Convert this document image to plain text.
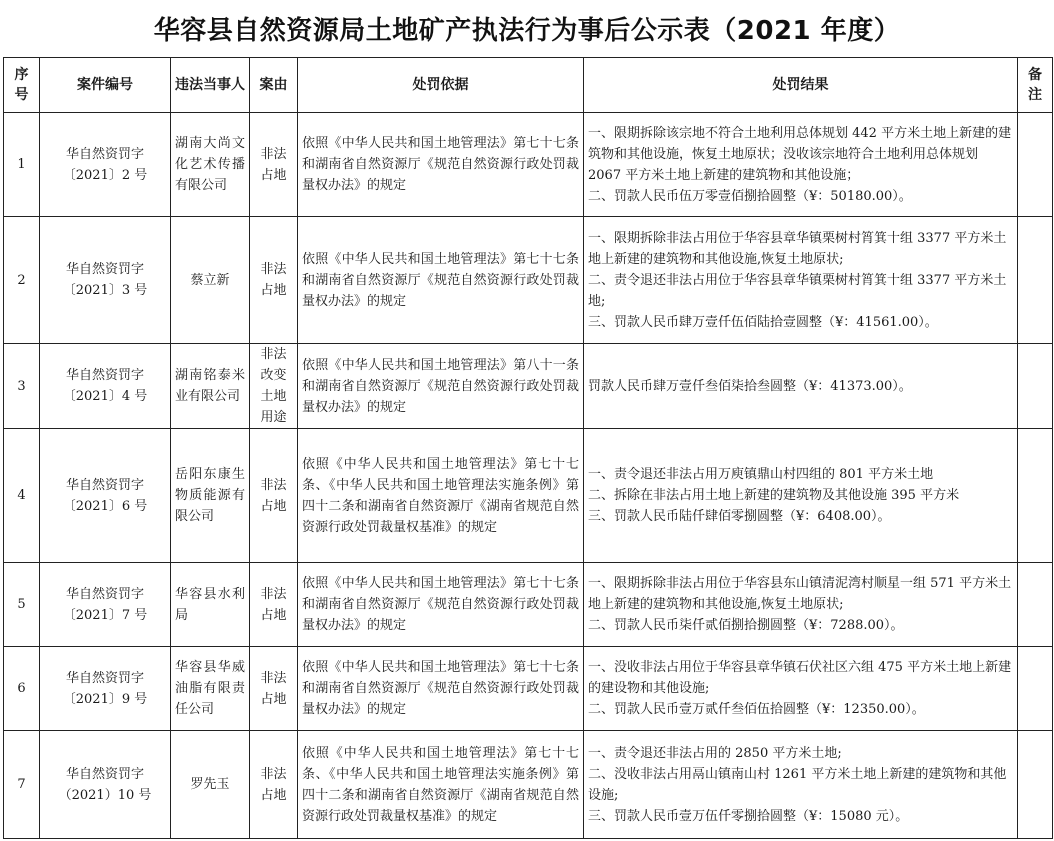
华容县自然资源局土地矿产执法行为事后公示表（2021 年度）
序号	案件编号	违法当事人	案由	处罚依据	处罚结果	备注
1	华自然资罚字〔2021〕2 号	湖南大尚文化艺术传播有限公司	非法占地	依照《中华人民共和国土地管理法》第七十七条和湖南省自然资源厅《规范自然资源行政处罚裁量权办法》的规定	一、限期拆除该宗地不符合土地利用总体规划 442 平方米土地上新建的建筑物和其他设施，恢复土地原状；没收该宗地符合土地利用总体规划 2067 平方米土地上新建的建筑物和其他设施；
二、罚款人民币伍万零壹佰捌拾圆整（¥：50180.00）。	

2	华自然资罚字〔2021〕3 号	蔡立新	非法占地	依照《中华人民共和国土地管理法》第七十七条和湖南省自然资源厅《规范自然资源行政处罚裁量权办法》的规定	一、限期拆除非法占用位于华容县章华镇栗树村筲箕十组 3377 平方米土地上新建的建筑物和其他设施,恢复土地原状;
二、责令退还非法占用位于华容县章华镇栗树村筲箕十组 3377 平方米土地;
三、罚款人民币肆万壹仟伍佰陆拾壹圆整（¥：41561.00）。	

3	华自然资罚字〔2021〕4 号	湖南铭泰米业有限公司	非法改变土地用途	依照《中华人民共和国土地管理法》第八十一条和湖南省自然资源厅《规范自然资源行政处罚裁量权办法》的规定	罚款人民币肆万壹仟叁佰柒拾叁圆整（¥：41373.00）。	

4	华自然资罚字〔2021〕6 号	岳阳东康生物质能源有限公司	非法占地	依照《中华人民共和国土地管理法》第七十七条、《中华人民共和国土地管理法实施条例》第四十二条和湖南省自然资源厅《湖南省规范自然资源行政处罚裁量权基准》的规定	一、责令退还非法占用万庾镇鼎山村四组的 801 平方米土地
二、拆除在非法占用土地上新建的建筑物及其他设施 395 平方米
三、罚款人民币陆仟肆佰零捌圆整（¥：6408.00）。	

5	华自然资罚字〔2021〕7 号	华容县水利局	非法占地	依照《中华人民共和国土地管理法》第七十七条和湖南省自然资源厅《规范自然资源行政处罚裁量权办法》的规定	一、限期拆除非法占用位于华容县东山镇清泥湾村顺星一组 571 平方米土地上新建的建筑物和其他设施,恢复土地原状;
二、罚款人民币柒仟贰佰捌拾捌圆整（¥：7288.00）。	

6	华自然资罚字〔2021〕9 号	华容县华威油脂有限责任公司	非法占地	依照《中华人民共和国土地管理法》第七十七条和湖南省自然资源厅《规范自然资源行政处罚裁量权办法》的规定	一、没收非法占用位于华容县章华镇石伏社区六组 475 平方米土地上新建的建设物和其他设施;
二、罚款人民币壹万贰仟叁佰伍拾圆整（¥：12350.00）。	

7	华自然资罚字（2021）10 号	罗先玉	非法占地	依照《中华人民共和国土地管理法》第七十七条、《中华人民共和国土地管理法实施条例》第四十二条和湖南省自然资源厅《湖南省规范自然资源行政处罚裁量权基准》的规定	一、责令退还非法占用的 2850 平方米土地;
二、没收非法占用鬲山镇南山村 1261 平方米土地上新建的建筑物和其他设施;
三、罚款人民币壹万伍仟零捌拾圆整（¥：15080 元）。	
